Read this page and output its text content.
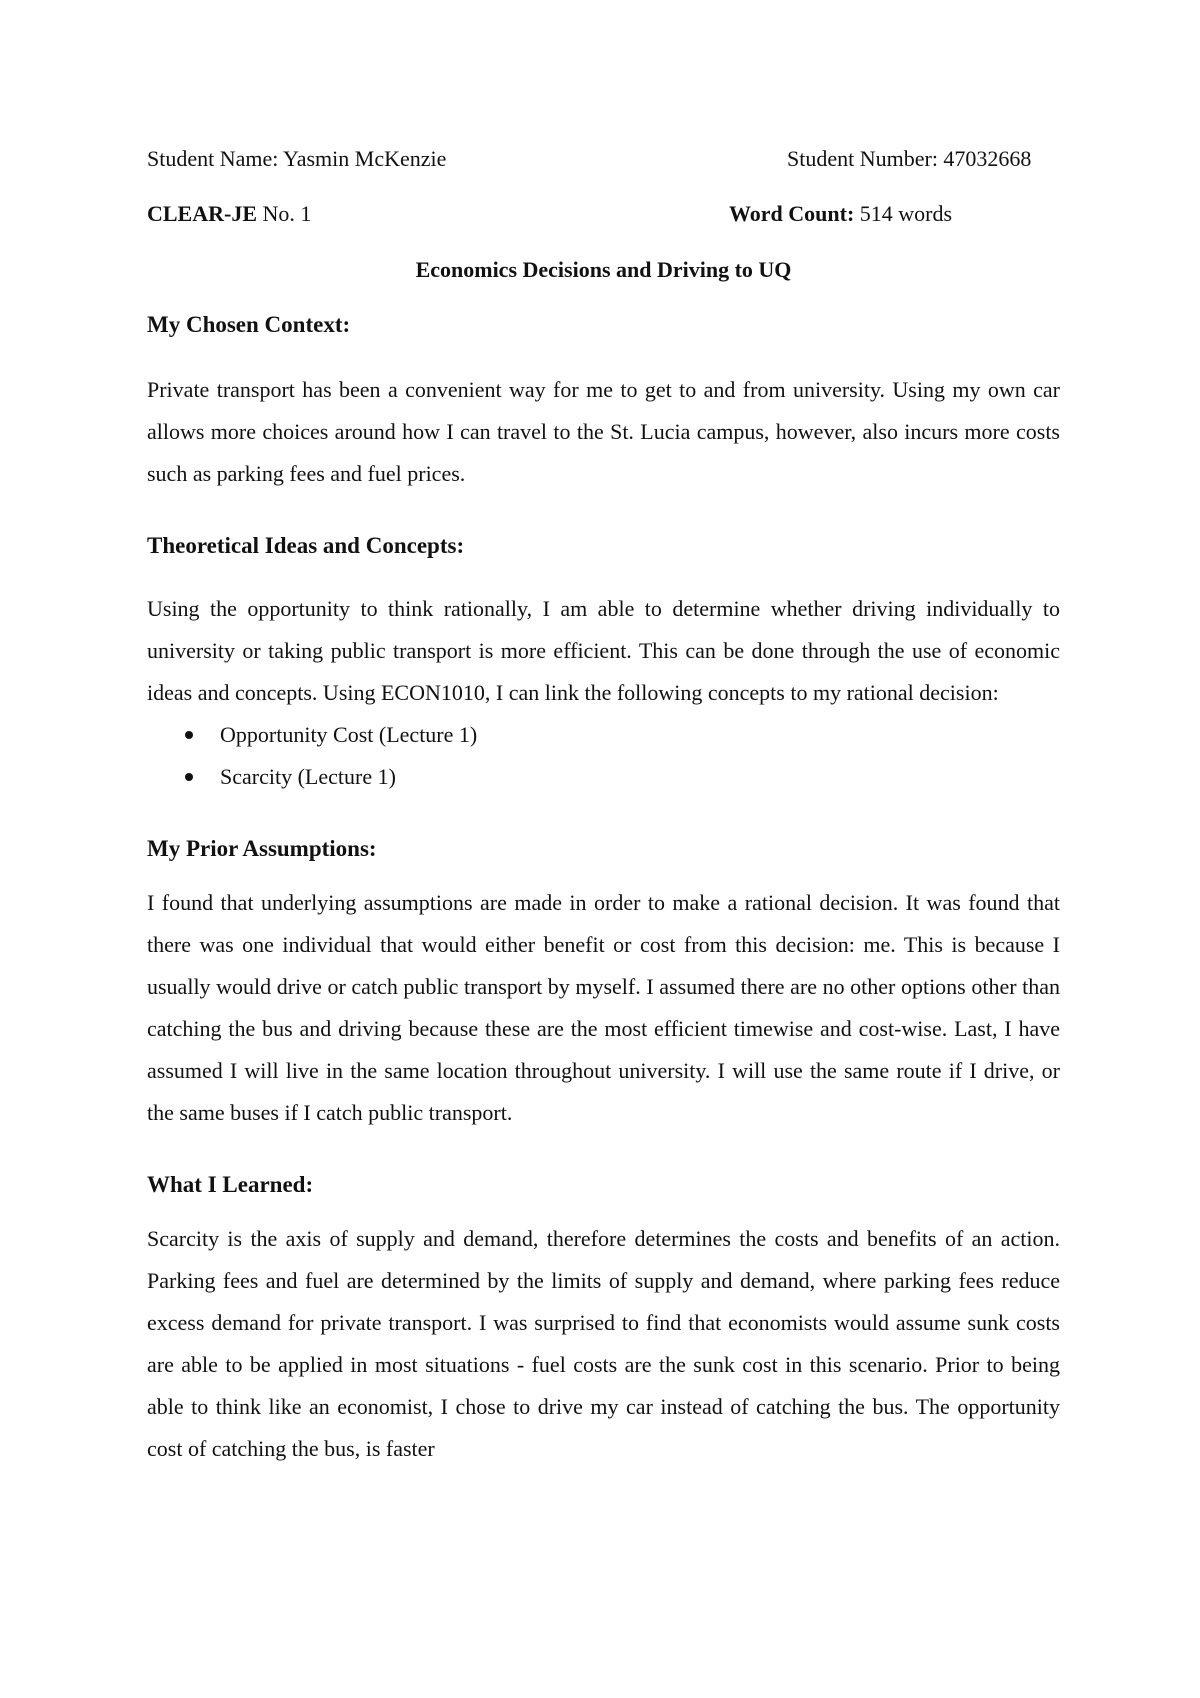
Student Name: Yasmin McKenzie	Student Number: 47032668
CLEAR-JE No. 1	Word Count: 514 words
Economics Decisions and Driving to UQ
My Chosen Context:

Private transport has been a convenient way for me to get to and from university. Using my own car allows more choices around how I can travel to the St. Lucia campus, however, also incurs more costs such as parking fees and fuel prices.

Theoretical Ideas and Concepts:

Using the opportunity to think rationally, I am able to determine whether driving individually to university or taking public transport is more efficient. This can be done through the use of economic ideas and concepts. Using ECON1010, I can link the following concepts to my rational decision:

Opportunity Cost (Lecture 1)
Scarcity (Lecture 1)
My Prior Assumptions:

I found that underlying assumptions are made in order to make a rational decision. It was found that there was one individual that would either benefit or cost from this decision: me. This is because I usually would drive or catch public transport by myself. I assumed there are no other options other than catching the bus and driving because these are the most efficient timewise and cost-wise. Last, I have assumed I will live in the same location throughout university. I will use the same route if I drive, or the same buses if I catch public transport.

What I Learned:

Scarcity is the axis of supply and demand, therefore determines the costs and benefits of an action. Parking fees and fuel are determined by the limits of supply and demand, where parking fees reduce excess demand for private transport. I was surprised to find that economists would assume sunk costs are able to be applied in most situations - fuel costs are the sunk cost in this scenario. Prior to being able to think like an economist, I chose to drive my car instead of catching the bus. The opportunity cost of catching the bus, is faster
